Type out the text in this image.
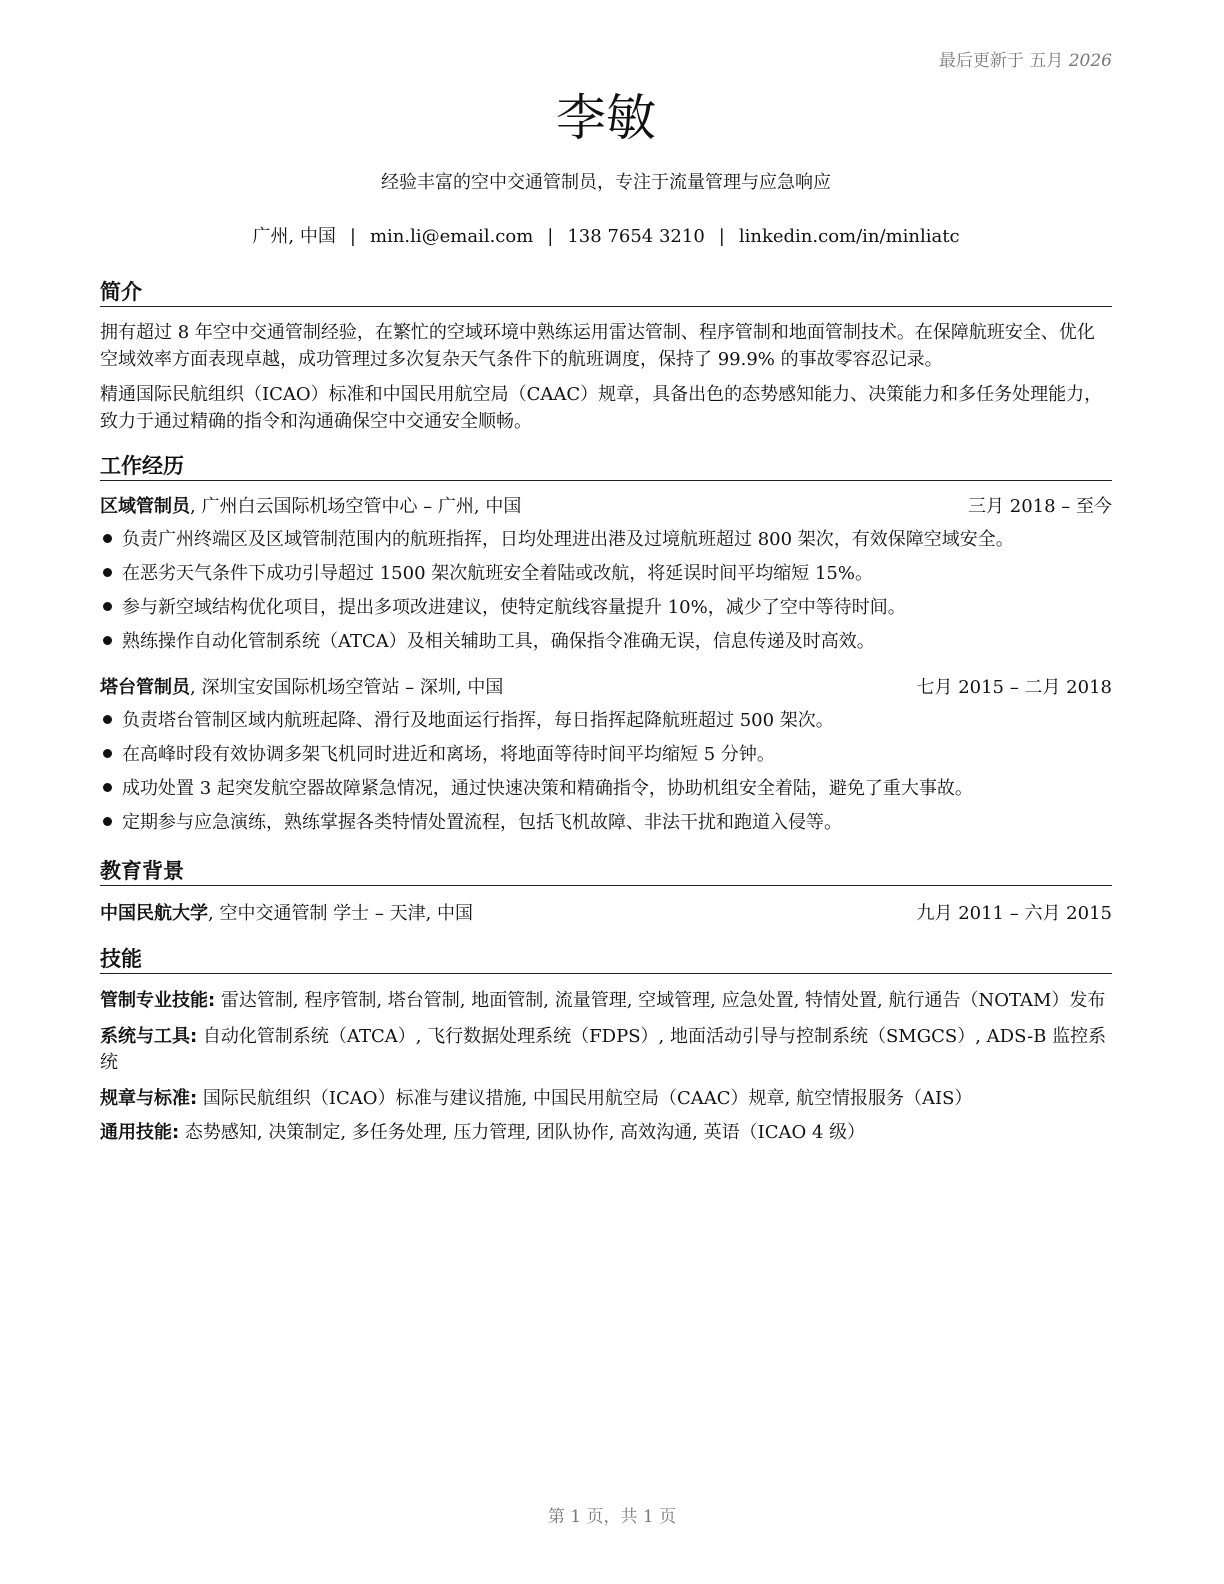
最后更新于 五月 2026
李敏
经验丰富的空中交通管制员，专注于流量管理与应急响应
广州, 中国 | min.li@email.com | 138 7654 3210 | linkedin.com/in/minliatc
简介

拥有超过 8 年空中交通管制经验，在繁忙的空域环境中熟练运用雷达管制、程序管制和地面管制技术。在保障航班安全、优化空域效率方面表现卓越，成功管理过多次复杂天气条件下的航班调度，保持了 99.9% 的事故零容忍记录。

精通国际民航组织（ICAO）标准和中国民用航空局（CAAC）规章，具备出色的态势感知能力、决策能力和多任务处理能力，致力于通过精确的指令和沟通确保空中交通安全顺畅。

工作经历
区域管制员, 广州白云国际机场空管中心 – 广州, 中国	三月 2018 – 至今
负责广州终端区及区域管制范围内的航班指挥，日均处理进出港及过境航班超过 800 架次，有效保障空域安全。
在恶劣天气条件下成功引导超过 1500 架次航班安全着陆或改航，将延误时间平均缩短 15%。
参与新空域结构优化项目，提出多项改进建议，使特定航线容量提升 10%，减少了空中等待时间。
熟练操作自动化管制系统（ATCA）及相关辅助工具，确保指令准确无误，信息传递及时高效。
塔台管制员, 深圳宝安国际机场空管站 – 深圳, 中国	七月 2015 – 二月 2018
负责塔台管制区域内航班起降、滑行及地面运行指挥，每日指挥起降航班超过 500 架次。
在高峰时段有效协调多架飞机同时进近和离场，将地面等待时间平均缩短 5 分钟。
成功处置 3 起突发航空器故障紧急情况，通过快速决策和精确指令，协助机组安全着陆，避免了重大事故。
定期参与应急演练，熟练掌握各类特情处置流程，包括飞机故障、非法干扰和跑道入侵等。
教育背景
中国民航大学, 空中交通管制 学士 – 天津, 中国	九月 2011 – 六月 2015
技能

管制专业技能: 雷达管制, 程序管制, 塔台管制, 地面管制, 流量管理, 空域管理, 应急处置, 特情处置, 航行通告（NOTAM）发布

系统与工具: 自动化管制系统（ATCA）, 飞行数据处理系统（FDPS）, 地面活动引导与控制系统（SMGCS）, ADS-B 监控系统

规章与标准: 国际民航组织（ICAO）标准与建议措施, 中国民用航空局（CAAC）规章, 航空情报服务（AIS）

通用技能: 态势感知, 决策制定, 多任务处理, 压力管理, 团队协作, 高效沟通, 英语（ICAO 4 级）

第 1 页，共 1 页
